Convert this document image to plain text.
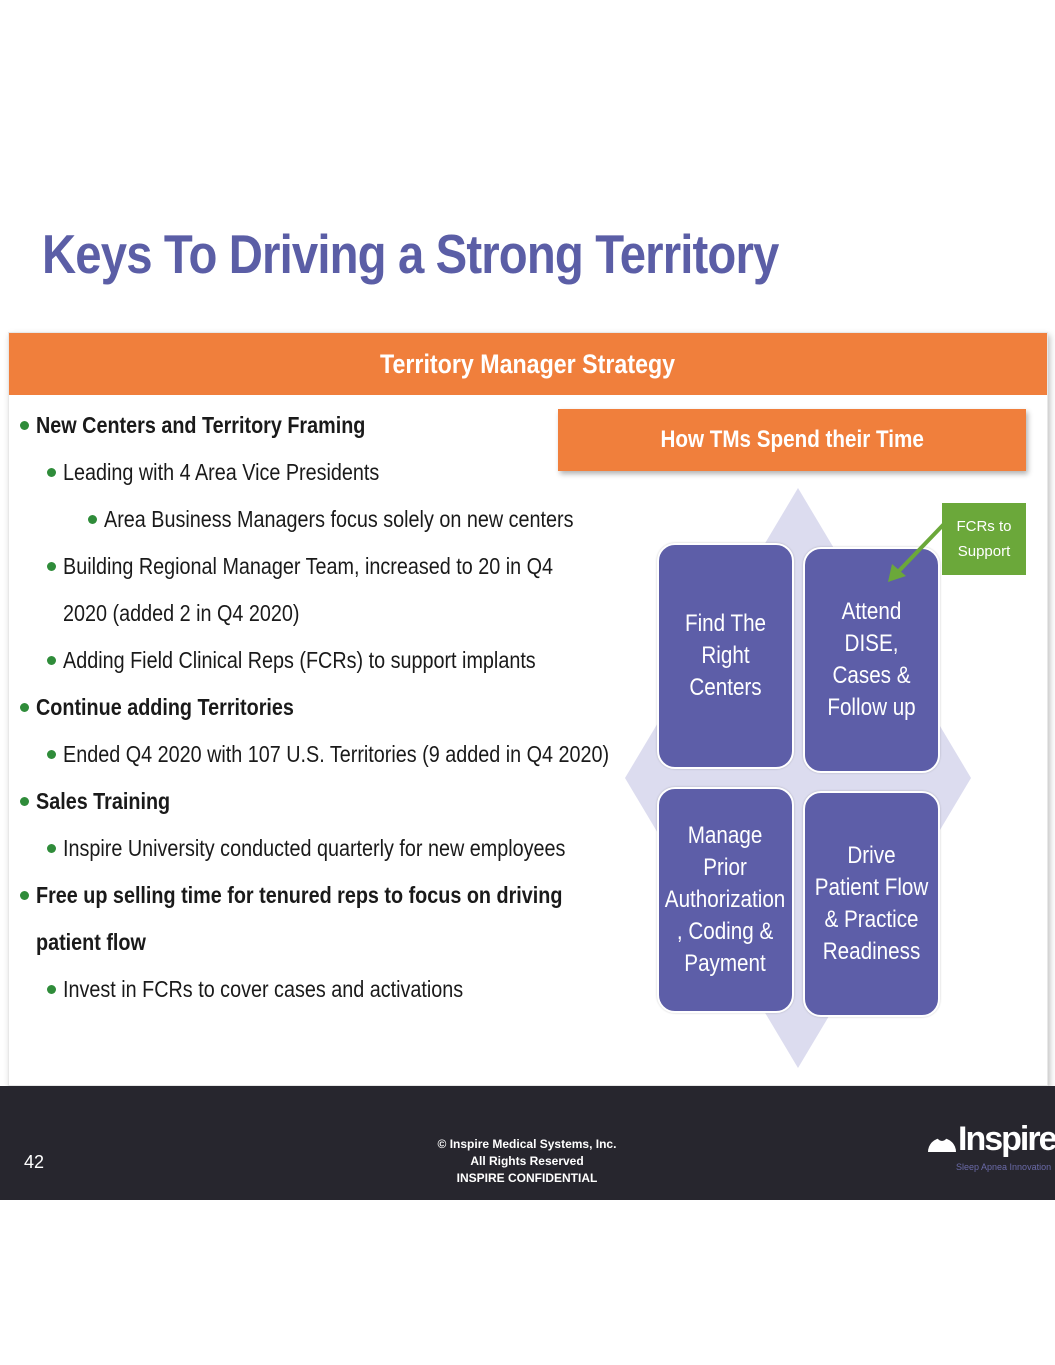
Keys To Driving a Strong Territory
Territory Manager Strategy
New Centers and Territory Framing
Leading with 4 Area Vice Presidents
Area Business Managers focus solely on new centers
Building Regional Manager Team, increased to 20 in Q4 2020 (added 2 in Q4 2020)
Adding Field Clinical Reps (FCRs) to support implants
Continue adding Territories
Ended Q4 2020 with 107 U.S. Territories (9 added in Q4 2020)
Sales Training
Inspire University conducted quarterly for new employees
Free up selling time for tenured reps to focus on driving patient flow
Invest in FCRs to cover cases and activations
How TMs Spend their Time
Find The Right Centers
Attend DISE, Cases & Follow up
Manage Prior Authorization , Coding & Payment
Drive Patient Flow & Practice Readiness
FCRs to Support
42
© Inspire Medical Systems, Inc.
All Rights Reserved
INSPIRE CONFIDENTIAL
Inspire
Sleep Apnea Innovation
